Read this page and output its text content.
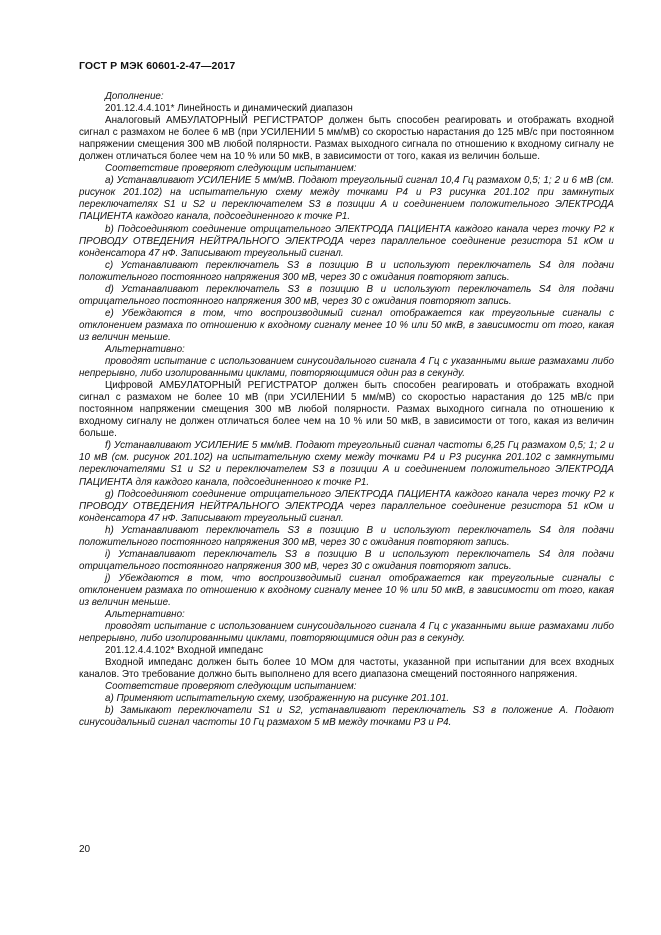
ГОСТ Р МЭК 60601-2-47—2017

Дополнение:

201.12.4.4.101* Линейность и динамический диапазон

Аналоговый АМБУЛАТОРНЫЙ РЕГИСТРАТОР должен быть способен реагировать и отображать входной сигнал с размахом не более 6 мВ (при УСИЛЕНИИ 5 мм/мВ) со скоростью нарастания до 125 мВ/с при постоянном напряжении смещения 300 мВ любой полярности. Размах выходного сигнала по отношению к входному сигналу не должен отличаться более чем на 10 % или 50 мкВ, в зависимости от того, какая из величин больше.

Соответствие проверяют следующим испытанием:

a) Устанавливают УСИЛЕНИЕ 5 мм/мВ. Подают треугольный сигнал 10,4 Гц размахом 0,5; 1; 2 и 6 мВ (см. рисунок 201.102) на испытательную схему между точками P4 и P3 рисунка 201.102 при замкнутых переключателях S1 и S2 и переключателем S3 в позиции A и соединением положительного ЭЛЕКТРОДА ПАЦИЕНТА каждого канала, подсоединенного к точке P1.

b) Подсоединяют соединение отрицательного ЭЛЕКТРОДА ПАЦИЕНТА каждого канала через точку P2 к ПРОВОДУ ОТВЕДЕНИЯ НЕЙТРАЛЬНОГО ЭЛЕКТРОДА через параллельное соединение резистора 51 кОм и конденсатора 47 нФ. Записывают треугольный сигнал.

c) Устанавливают переключатель S3 в позицию B и используют переключатель S4 для подачи положительного постоянного напряжения 300 мВ, через 30 с ожидания повторяют запись.

d) Устанавливают переключатель S3 в позицию B и используют переключатель S4 для подачи отрицательного постоянного напряжения 300 мВ, через 30 с ожидания повторяют запись.

e) Убеждаются в том, что воспроизводимый сигнал отображается как треугольные сигналы с отклонением размаха по отношению к входному сигналу менее 10 % или 50 мкВ, в зависимости от того, какая из величин меньше.

Альтернативно:

проводят испытание с использованием синусоидального сигнала 4 Гц с указанными выше размахами либо непрерывно, либо изолированными циклами, повторяющимися один раз в секунду.

Цифровой АМБУЛАТОРНЫЙ РЕГИСТРАТОР должен быть способен реагировать и отображать входной сигнал с размахом не более 10 мВ (при УСИЛЕНИИ 5 мм/мВ) со скоростью нарастания до 125 мВ/с при постоянном напряжении смещения 300 мВ любой полярности. Размах выходного сигнала по отношению к входному сигналу не должен отличаться более чем на 10 % или 50 мкВ, в зависимости от того, какая из величин больше.

f) Устанавливают УСИЛЕНИЕ 5 мм/мВ. Подают треугольный сигнал частоты 6,25 Гц размахом 0,5; 1; 2 и 10 мВ (см. рисунок 201.102) на испытательную схему между точками P4 и P3 рисунка 201.102 с замкнутыми переключателями S1 и S2 и переключателем S3 в позиции A и соединением положительного ЭЛЕКТРОДА ПАЦИЕНТА для каждого канала, подсоединенного к точке P1.

g) Подсоединяют соединение отрицательного ЭЛЕКТРОДА ПАЦИЕНТА каждого канала через точку P2 к ПРОВОДУ ОТВЕДЕНИЯ НЕЙТРАЛЬНОГО ЭЛЕКТРОДА через параллельное соединение резистора 51 кОм и конденсатора 47 нФ. Записывают треугольный сигнал.

h) Устанавливают переключатель S3 в позицию B и используют переключатель S4 для подачи положительного постоянного напряжения 300 мВ, через 30 с ожидания повторяют запись.

i) Устанавливают переключатель S3 в позицию B и используют переключатель S4 для подачи отрицательного постоянного напряжения 300 мВ, через 30 с ожидания повторяют запись.

j) Убеждаются в том, что воспроизводимый сигнал отображается как треугольные сигналы с отклонением размаха по отношению к входному сигналу менее 10 % или 50 мкВ, в зависимости от того, какая из величин меньше.

Альтернативно:

проводят испытание с использованием синусоидального сигнала 4 Гц с указанными выше размахами либо непрерывно, либо изолированными циклами, повторяющимися один раз в секунду.

201.12.4.4.102* Входной импеданс

Входной импеданс должен быть более 10 МОм для частоты, указанной при испытании для всех входных каналов. Это требование должно быть выполнено для всего диапазона смещений постоянного напряжения.

Соответствие проверяют следующим испытанием:

a) Применяют испытательную схему, изображенную на рисунке 201.101.

b) Замыкают переключатели S1 и S2, устанавливают переключатель S3 в положение A. Подают синусоидальный сигнал частоты 10 Гц размахом 5 мВ между точками P3 и P4.

20
